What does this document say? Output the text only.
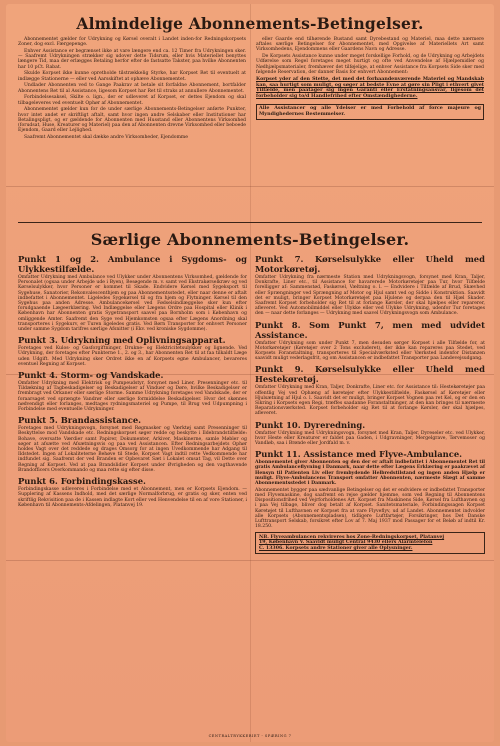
Almindelige Abonnements-Betingelser.

Abonnementet gælder for Udrykning og Kørsel overalt i Landet inden-for Redningskorpsets Zoner, dog excl. Færgepenge.

Enhver Assistance er begrænset ikke at vare længere end ca. 12 Timer fra Udrykningen sker. — Saafremt Udrykningen strækker sig udover dette Tidsrum, eller hvis Materiellet benyttes længere Tid, maa der erlægges Betaling herfor efter de fastsatte Takster, paa hvilke Abonnenten har 10 pCt. Rabat.

Skulde Korpset ikke kunne opretholde tilstrækkelig Styrke, har Korpset Ret til eventuelt at indlægge Stationerne — eller ved Aarsskiftet at ophæve Abonnementet.

Undlader Abonnenten ved to Gange Paakrav at betale sit forfaldne Abonnement, bortfalder Abonnentens Ret til al Assistance, ligesom Korpset har Ret til straks at annullere Abonnementet.

Forbindelsesaksel, Skilte o. lign., der er udleveret af Korpset, er dettes Ejendom og skal tilbageleveres ved eventuelt Ophør af Abonnementet.

Abonnementet gælder kun for de under særlige Abonnements-Betingelser anførte Punkter, hvor intet andet er skriftligt aftalt, samt hvor ingen andre Selskaber eller Institutioner har Betalingspligt, og er gældende for Abonnenten med Husstand eller Abonnentens Virksomhed (forudsat, Huse, Kreaturer og Materiel) paa den af Abonnenten drevne Virksomhed eller beboede Ejendom, Gaard eller Lejlighed.

Saafremt Abonnementet skal dække andre Virksomheder, Ejendomme

eller Gaarde end tilhørende Bustand samt Dyrebestand og Materiel, maa dette nærmere aftales særlige Betingelser for Abonnementet, med Opgivelse af Materiellets Art samt Virksomhedens, Ejendommens eller Gaardens Navn og Adresse.

De Korpsets Assistance kunne under meget forskellige Forhold, og de Udrykning og Arbejdets Udførelse som Regel foretages meget hurtigt og ofte ved Anvendelse af Hjælpemidler og Nødhjælpsmaterialer, fremhæver det tilføjelige, at enhver Assistance fra Korpsets Side sker med følgende Reservation, der danner Basis for enhvert Abonnement:

Korpset yder af den Stette, det med det forhaandenværende Materiel og Mandskab kan, saa hurtigt som muligt, og søger at bedste Evne at gøre sin Pligt i ethvert givet Tilfælde, men paatager sig ingen Garanti eller Erstatningsansvar, ligesom det forbeholder sig to/d Handlefrihed efter Omstændighederne.
Alle Assistancer og alle Ydelser er med Forbehold af force majeure og Myndighedernes Bestemmelser.
Særlige Abonnements-Betingelser.
Punkt 1 og 2. Ambulance i Sygdoms- og Ulykkestilfælde.
Omfatter Udrykning med Ambulance ved Ulykker under Abonnentens Virksomhed, gældende for Personalet (ogsaa under Arbejde ude i Byen), Besøgende m. v. samt ved Ekstrakørselkræv og ved Kørselsulykker, hvor Personer er kommet til Skade. Endvidere Kørsel med Sygeksport til Sygehuse, Sanatorier, Rekonvalescenthjem og paa Abonnementsstedet, eller naar denne er aftalt indbefattet i Abonnementet. Ligeledes Sygekørsel til og fra hjem og Flytninger. Kørsel til den Sygehus paa anden Adresse. Ambulancekørsel ved Fødselsindlæggelse sker kun efter forudgaaende Lægeerklæring. Ved Indlæggelse eller Lægens Ordre paa Hospital eller Klinik i København har Abonnenten gratis Sygetransport saavel paa Bornholm som i København og omliggende Amter. Saafremt den Syge ved Hjemkomsten ogsaa efter Lægens Anordning skal transporteres i Sygekurv, er Turen ligeledes gratis. Ved Børn Transporter for enhvert Personer under samme Sygdom tarifres særlige Afsnitter (i Ekv. ved kroniske Sygdomme).
Punkt 3. Udrykning med Oplivningsapparat.
Foretages ved Kulos- og Gasforgiftninger, Drukne- og Elektricitetsulykker og lignende. Ved Udrykning, der foretages efter Punkterne 1., 2. og 3., har Abonnenten Ret til at faa tilkaldt Læge uden Udgift. Med Udrykning sker Ordret ikke en af Korpsets egne Ambulancer, bevareres eventuel Regning af Korpset.
Punkt 4. Storm- og Vandskade.
Omfatter Udrykning med Elektrisk og Pumpeudstyr, forsynet med Liner, Presenninger etc. til Tildækning af Tagbeskadigelser og Beskadigelser af Vinduer og Døre, hvilke Beskadigelser er frembragt ved Orkaner eller særlige Storme. Samme Udrykning foretages ved Vandskade, der er foraarsaget ved sprængte Vandrør eller særlige formiddelse Beskadigelser. Hvor det skønnes nødvendigt eller forlanges, medtages rydningsmateriel og Pumpe, til Brug ved Udpumpning i Forbindelse med eventuelle Udrykninger.
Punkt 5. Brandassistance.
Foretages med Udrykningsvogn, forsynet med Røgmasker og Værktøj samt Presenninger til Beskyttelse mod Vandskade etc. Redningskorpset søger redde og beskytte i Ildebrandstilfælde: Bohave, oversatte Værdier samt Papirer, Dokumenter, Arkiver, Maskinerne, samle Møbler og søger at afsætte ved Afsætningsvis og paa ved Assistancen. Efter Redningsarbejdets Ophør holdes Vagt over det reddede og drages Omsorg for at ingen Uvedkommende har Adgang til Ildstedet. Ingen af Lokaliteterne Behøve til Stede, Korpset Vagt indtil rette Vedkommende har indfundet sig. Saafremt der ved Branden er Opbevaret Sæt i Lokalet omsat Tag, vil Dette over Regning af Korpset. Ved at paa Brandslidier Korpset under Øvrigheden og den vagthavende Brandofficers Overkommando og maa rette sig efter disse.
Punkt 6. Forbindingskasse.
Forbindingskasse udleveres i Forbindelse med et Abonnement, men er Korpsets Ejendom. — Supplering af Kassens Indhold, med det særlige Normalforbrug, er gratis og sker, enten ved skriftlig Rekvisition paa de i Kassen indlagte Kort eller ved Henvendelse til en af vore Stationer, i København til Abonnements-Afdelingen, Platanvej 19.
Punkt 7. Kørselsulykke eller Uheld med Motorkøretøj.
Omfatter Udrykning fra nærmeste Station med Udrykningsvogn, forsynet med Kran, Taljer, Donkrafte, Liner etc., til Assistance for havarerede Motorkøretøjer paa Tur, hvor Tilfælde forelligger af: Sammenstød, Faskørsel, Væltning o. l. — Endvidere i Tilfælde af Brud, Skævhed eller Sprængninger ved Sprængning af Motor og Hjul samt ved og Sidde i Konstruktion. Saavidt det er muligt, bringer Korpset Motorkøretøjet paa Hjulene og derpaa den til Hjæl Skader. Saafremt Korpset forbeholder sig Ret til at forlange Kørsler, der skal hjælpes eller reparerer, afleveret. Ved Automobilmiddel eller Ulykke eller ved Ulykke Udrykning, udenfor Tur foretages den — naar dette forlanges — Udrykning med saavel Udrykningsvogn som Ambulance.
Punkt 8. Som Punkt 7, men med udvidet Assistance.
Omfatter Udrykning som under Punkt 7, men desuden sørger Korpset i alle Tilfælde for, at Motorkøretøjer (Køretøjer over 2 Tons excluderet), der ikke kan repareres paa Stedet, ved Korpsets Foranstaltning, transporteres til Specialværksted eller Værksted indenfor Distanzen saavidt muligt vederlagsfrit, og om Assistancen er indbefattet Transporter paa Landevejsudgang.
Punkt 9. Kørselsulykke eller Uheld med Hestekøretøj.
Omfatter Udrykning med Kran, Taljer, Donkrafte, Liner etc. for Assistance til: Hestekøretøjer paa offentlig Vej ved Ophæng af køretøjer efter Ulykkestilfælde, Faskørsel af Køretøjer eller Hjulsætning af Hjul o. l. Saavidt det er muligt, bringer Korpset Vognen paa ret Kel, og er den en Sikring i Korpsets egen Regi, træffes saadanne Foranstaltninger, at den kan bringes til nærmeste Reparationsværksted. Korpset forbeholder sig Ret til at forlange Kørsler, der skal hjælpes, afleveret.
Punkt 10. Dyreredning.
Omfatter Udrykning med Udrykningsvogn, forsynet med Kran, Taljer, Dyreseler etc. ved Ulykker, hvor Heste eller Kreaturer er faldet paa Gaden, i Udgravninger, Mergelgrave, Tørvemoser og Vandløb, saa i Brønde eller Jordfald m. v.
Punkt 11. Assistance med Flyve-Ambulance.
Abonnementet giver Abonnenten og den der er aftalt indbefattet i Abonnementet Ret til gratis Ambulanceflyvning i Danmark, naar dette efter Lægens Erklæring er paakrævet af Hensyn til Patienten Liv eller frembydende Helbredstilstand og ingen anden Hjælp er muligt. Flyve-Ambulancens Transport omfatter Abonnenten, nærmeste Slægt af samme Abonnementsstedet i Danmark.
Abonnementet bygger paa sædvanlige Betingelser og det er endvidere er indbefattet Transporter med Flyvemaskine, dog saafremt en rejse gælder hjemme, som ved Regning til Abonnentens Dispositionsfrihed ved Vejrforholdenes Art. Korpset fra Maskinens Side, Kørsel fra Lufthavnen og i paa Vej tilbage, bliver dog betalt af Korpset. Sanitetsmateriale, Forbindingssagen Korpset Køretøjet til Lufthavnen er Korpset fra at vare Flyveflyv, ud af Landet. Abonnementet indvolder alle Korpsets (Abonnementspladsen), tidligere Luftfartøjer, Forsikringer, hos Det Danske Lufttransport Selskab, forsikret efter Lov af 7. Maj 1937 mod Passager for et Beløb af indtil Kr. 18.250.
NB. Flyveambulancen rekvireres hos Zone-Redningskorpset, Platanvej
19, København V. Saavidt muligt Central 9430 ellers Alarmtelefon
C. 13306. Korpsets andre Stationer giver alle Oplysninger.
CENTRALTRYKKERIET - SPÆRING 7
